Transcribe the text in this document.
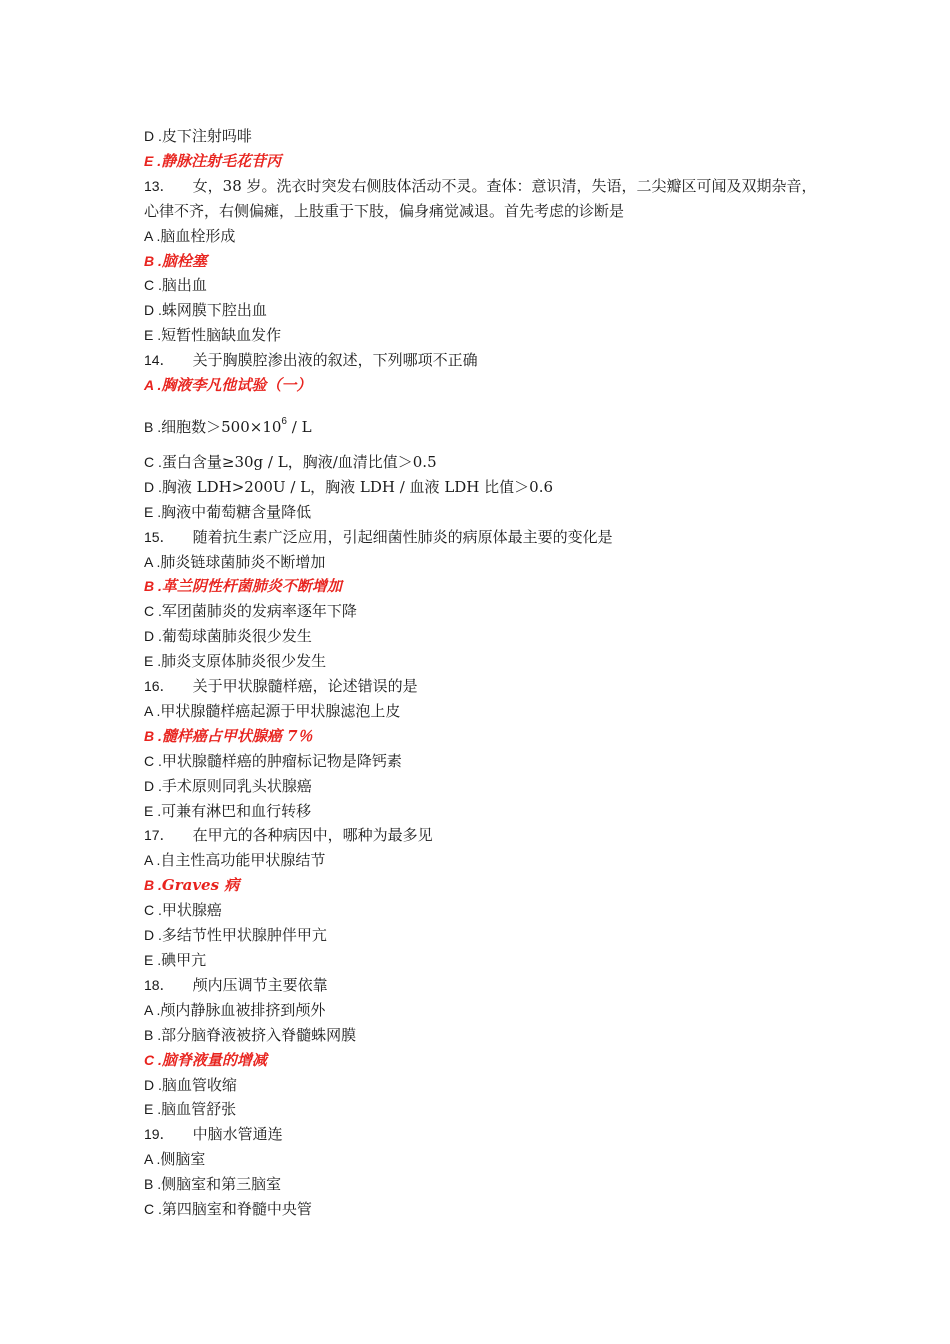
D .皮下注射吗啡
E .静脉注射毛花苷丙
13． 女，38 岁。洗衣时突发右侧肢体活动不灵。查体：意识清，失语，二尖瓣区可闻及双期杂音，心律不齐，右侧偏瘫，上肢重于下肢，偏身痛觉减退。首先考虑的诊断是
A .脑血栓形成
B .脑栓塞
C .脑出血
D .蛛网膜下腔出血
E .短暂性脑缺血发作
14． 关于胸膜腔渗出液的叙述，下列哪项不正确
A .胸液李凡他试验（一）
B .细胞数$>500\times 10^6 / L$
C .蛋白含量≥30g / L，胸液/血清比值＞0.5
D .胸液 LDH>200U / L，胸液 LDH / 血液 LDH 比值＞0.6
E .胸液中葡萄糖含量降低
15． 随着抗生素广泛应用，引起细菌性肺炎的病原体最主要的变化是
A .肺炎链球菌肺炎不断增加
B .革兰阴性杆菌肺炎不断增加
C .军团菌肺炎的发病率逐年下降
D .葡萄球菌肺炎很少发生
E .肺炎支原体肺炎很少发生
16． 关于甲状腺髓样癌，论述错误的是
A .甲状腺髓样癌起源于甲状腺滤泡上皮
B .髓样癌占甲状腺癌 7％
C .甲状腺髓样癌的肿瘤标记物是降钙素
D .手术原则同乳头状腺癌
E .可兼有淋巴和血行转移
17． 在甲亢的各种病因中，哪种为最多见
A .自主性高功能甲状腺结节
B .Graves 病
C .甲状腺癌
D .多结节性甲状腺肿伴甲亢
E .碘甲亢
18． 颅内压调节主要依靠
A .颅内静脉血被排挤到颅外
B .部分脑脊液被挤入脊髓蛛网膜
C .脑脊液量的增减
D .脑血管收缩
E .脑血管舒张
19． 中脑水管通连
A .侧脑室
B .侧脑室和第三脑室
C .第四脑室和脊髓中央管
